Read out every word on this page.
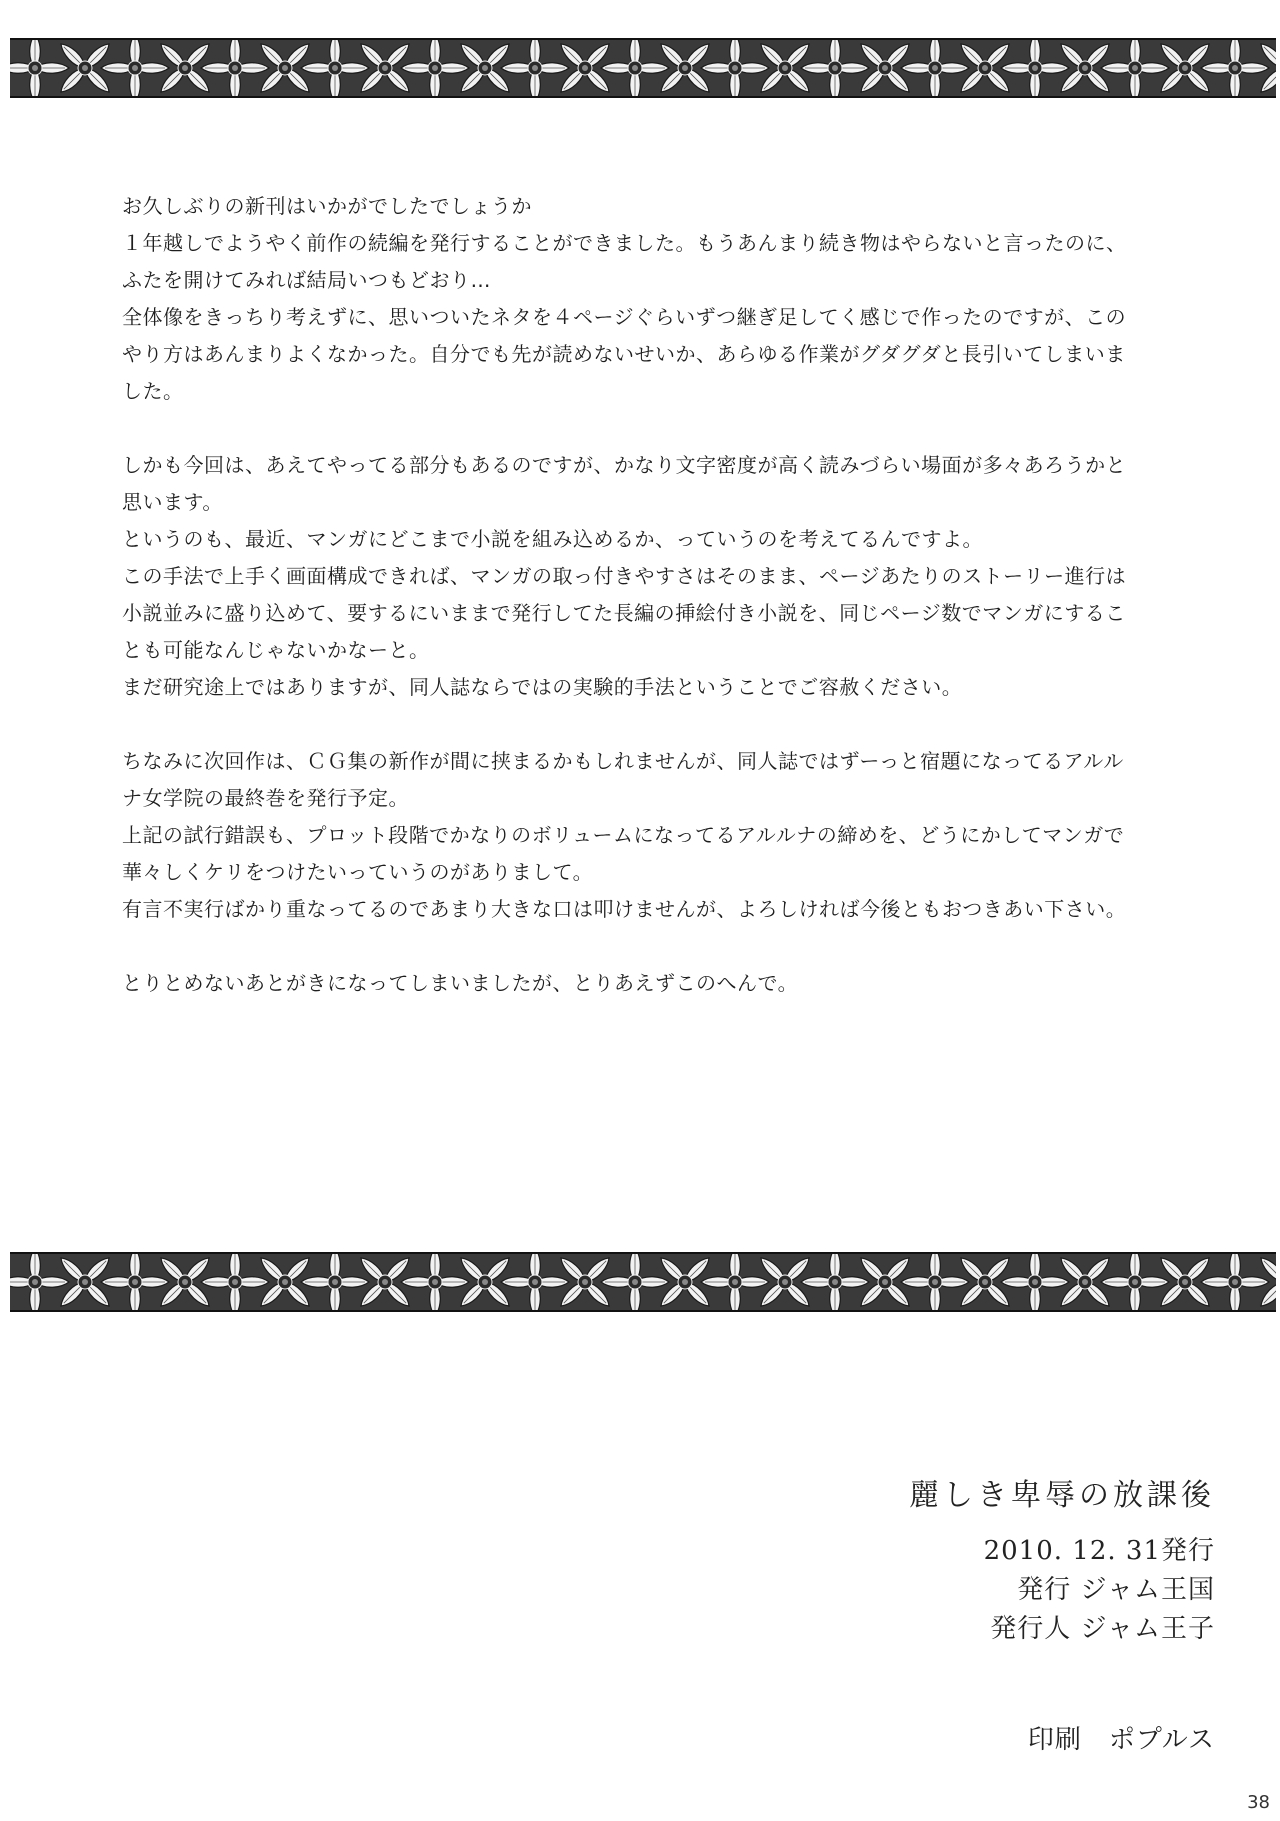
お久しぶりの新刊はいかがでしたでしょうか
１年越しでようやく前作の続編を発行することができました。もうあんまり続き物はやらないと言ったのに、
ふたを開けてみれば結局いつもどおり…
全体像をきっちり考えずに、思いついたネタを４ページぐらいずつ継ぎ足してく感じで作ったのですが、この
やり方はあんまりよくなかった。自分でも先が読めないせいか、あらゆる作業がグダグダと長引いてしまいま
した。
しかも今回は、あえてやってる部分もあるのですが、かなり文字密度が高く読みづらい場面が多々あろうかと
思います。
というのも、最近、マンガにどこまで小説を組み込めるか、っていうのを考えてるんですよ。
この手法で上手く画面構成できれば、マンガの取っ付きやすさはそのまま、ページあたりのストーリー進行は
小説並みに盛り込めて、要するにいままで発行してた長編の挿絵付き小説を、同じページ数でマンガにするこ
とも可能なんじゃないかなーと。
まだ研究途上ではありますが、同人誌ならではの実験的手法ということでご容赦ください。
ちなみに次回作は、ＣＧ集の新作が間に挟まるかもしれませんが、同人誌ではずーっと宿題になってるアルル
ナ女学院の最終巻を発行予定。
上記の試行錯誤も、プロット段階でかなりのボリュームになってるアルルナの締めを、どうにかしてマンガで
華々しくケリをつけたいっていうのがありまして。
有言不実行ばかり重なってるのであまり大きな口は叩けませんが、よろしければ今後ともおつきあい下さい。
とりとめないあとがきになってしまいましたが、とりあえずこのへんで。
麗しき卑辱の放課後
2010. 12. 31発行
発行 ジャム王国
発行人 ジャム王子
印刷　ポプルス
38
